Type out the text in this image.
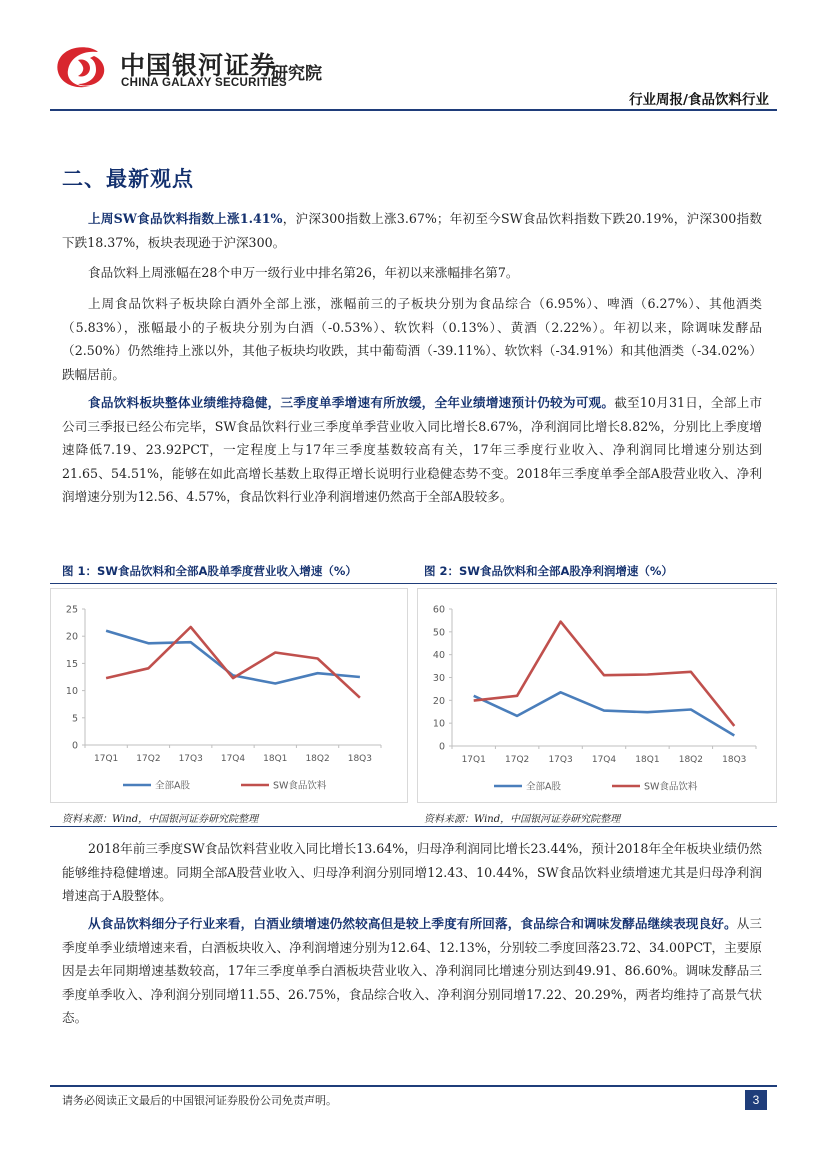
中国银河证券
CHINA GALAXY SECURITIES
研究院
行业周报/食品饮料行业
二、最新观点
上周SW食品饮料指数上涨1.41%，沪深300指数上涨3.67%；年初至今SW食品饮料指数下跌20.19%，沪深300指数下跌18.37%，板块表现逊于沪深300。
食品饮料上周涨幅在28个申万一级行业中排名第26，年初以来涨幅排名第7。
上周食品饮料子板块除白酒外全部上涨，涨幅前三的子板块分别为食品综合（6.95%）、啤酒（6.27%）、其他酒类（5.83%），涨幅最小的子板块分别为白酒（-0.53%）、软饮料（0.13%）、黄酒（2.22%）。年初以来，除调味发酵品（2.50%）仍然维持上涨以外，其他子板块均收跌，其中葡萄酒（-39.11%）、软饮料（-34.91%）和其他酒类（-34.02%）跌幅居前。
食品饮料板块整体业绩维持稳健，三季度单季增速有所放缓，全年业绩增速预计仍较为可观。截至10月31日，全部上市公司三季报已经公布完毕，SW食品饮料行业三季度单季营业收入同比增长8.67%，净利润同比增长8.82%，分别比上季度增速降低7.19、23.92PCT，一定程度上与17年三季度基数较高有关，17年三季度行业收入、净利润同比增速分别达到21.65、54.51%，能够在如此高增长基数上取得正增长说明行业稳健态势不变。2018年三季度单季全部A股营业收入、净利润增速分别为12.56、4.57%，食品饮料行业净利润增速仍然高于全部A股较多。
图 1：SW食品饮料和全部A股单季度营业收入增速（%）	图 2：SW食品饮料和全部A股净利润增速（%）
0
5
10
15
20
25
17Q1 17Q2 17Q3 17Q4 18Q1 18Q2 18Q3
全部A股	SW食品饮料
0
10
20
30
40
50
60
17Q1 17Q2 17Q3 17Q4 18Q1 18Q2 18Q3
全部A股	SW食品饮料
资料来源：Wind，中国银河证券研究院整理	资料来源：Wind，中国银河证券研究院整理
2018年前三季度SW食品饮料营业收入同比增长13.64%，归母净利润同比增长23.44%，预计2018年全年板块业绩仍然能够维持稳健增速。同期全部A股营业收入、归母净利润分别同增12.43、10.44%，SW食品饮料业绩增速尤其是归母净利润增速高于A股整体。
从食品饮料细分子行业来看，白酒业绩增速仍然较高但是较上季度有所回落，食品综合和调味发酵品继续表现良好。从三季度单季业绩增速来看，白酒板块收入、净利润增速分别为12.64、12.13%，分别较二季度回落23.72、34.00PCT，主要原因是去年同期增速基数较高，17年三季度单季白酒板块营业收入、净利润同比增速分别达到49.91、86.60%。调味发酵品三季度单季收入、净利润分别同增11.55、26.75%，食品综合收入、净利润分别同增17.22、20.29%，两者均维持了高景气状态。
请务必阅读正文最后的中国银河证券股份公司免责声明。	3
